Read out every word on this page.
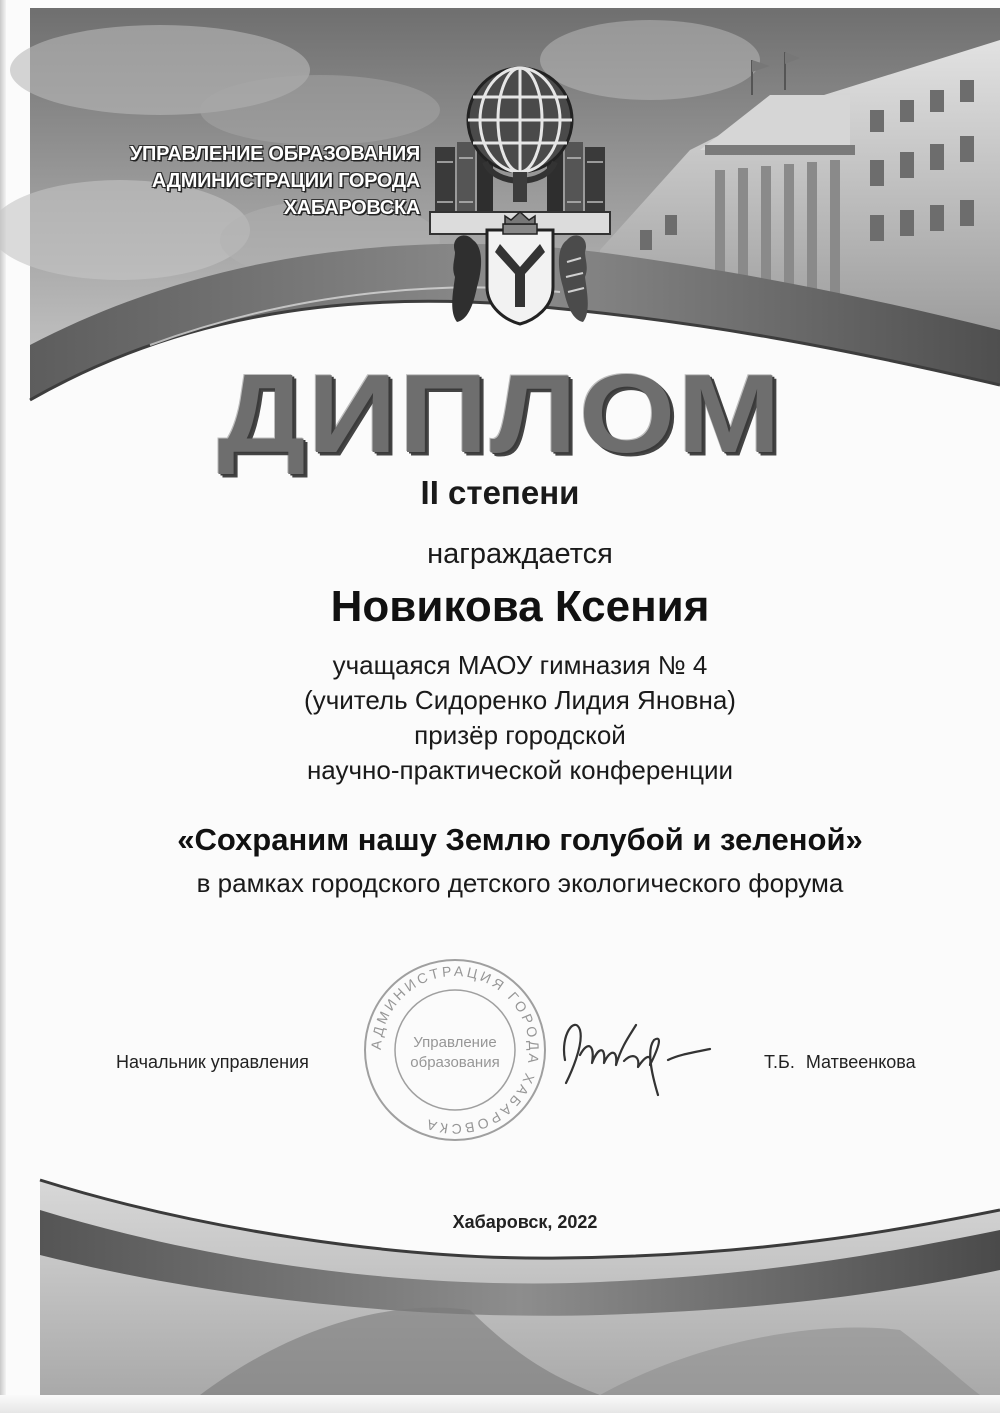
УПРАВЛЕНИЕ ОБРАЗОВАНИЯ
АДМИНИСТРАЦИИ ГОРОДА ХАБАРОВСКА
ДИПЛОМ
II степени
награждается
Новикова Ксения
учащаяся МАОУ гимназия № 4
(учитель Сидоренко Лидия Яновна)
призёр городской
научно-практической конференции
«Сохраним нашу Землю голубой и зеленой»
в рамках городского детского экологического форума
АДМИНИСТРАЦИЯ ГОРОДА ХАБАРОВСКА
Управление
образования
Начальник управления	Т.Б. Матвеенкова
Хабаровск, 2022
